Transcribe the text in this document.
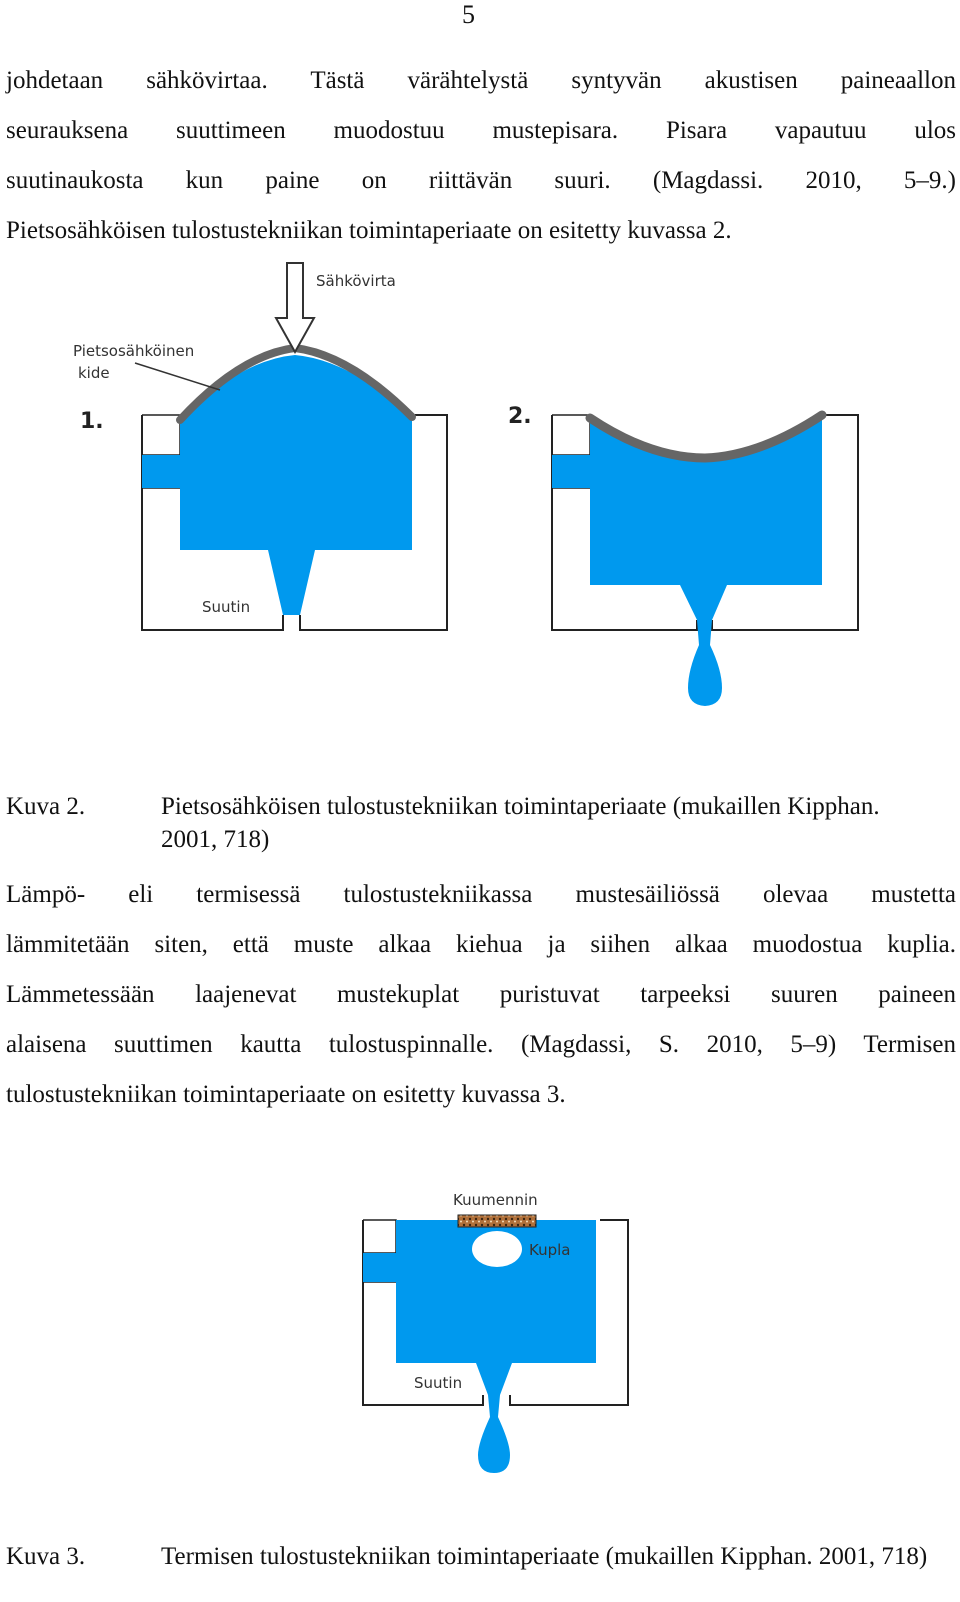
5

johdetaan sähkövirtaa. Tästä värähtelystä syntyvän akustisen paineaallon
seurauksena suuttimeen muodostuu mustepisara. Pisara vapautuu ulos
suutinaukosta kun paine on riittävän suuri. (Magdassi. 2010, 5–9.)
Pietsosähköisen tulostustekniikan toimintaperiaate on esitetty kuvassa 2.

Sähkövirta
Pietsosähköinen
kide
1.
Suutin
2.
Kuva 2.	Pietsosähköisen tulostustekniikan toimintaperiaate (mukaillen Kipphan. 2001, 718)

Lämpö- eli termisessä tulostustekniikassa mustesäiliössä olevaa mustetta
lämmitetään siten, että muste alkaa kiehua ja siihen alkaa muodostua kuplia.
Lämmetessään laajenevat mustekuplat puristuvat tarpeeksi suuren paineen
alaisena suuttimen kautta tulostuspinnalle. (Magdassi, S. 2010, 5–9) Termisen
tulostustekniikan toimintaperiaate on esitetty kuvassa 3.

Kuumennin
Kupla
Suutin
Kuva 3.	Termisen tulostustekniikan toimintaperiaate (mukaillen Kipphan. 2001, 718)
